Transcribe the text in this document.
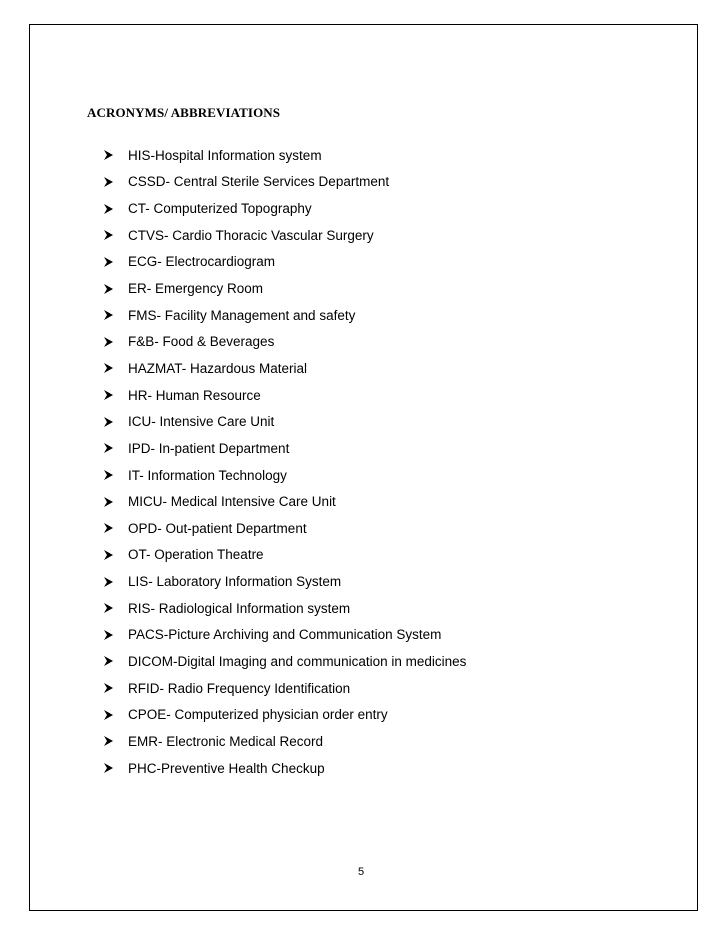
ACRONYMS/ ABBREVIATIONS
HIS-Hospital Information system
CSSD- Central Sterile Services Department
CT- Computerized Topography
CTVS- Cardio Thoracic Vascular Surgery
ECG- Electrocardiogram
ER- Emergency Room
FMS- Facility Management and safety
F&B- Food & Beverages
HAZMAT- Hazardous Material
HR- Human Resource
ICU- Intensive Care Unit
IPD- In-patient Department
IT- Information Technology
MICU- Medical Intensive Care Unit
OPD- Out-patient Department
OT- Operation Theatre
LIS- Laboratory Information System
RIS- Radiological Information system
PACS-Picture Archiving and Communication System
DICOM-Digital Imaging and communication in medicines
RFID- Radio Frequency Identification
CPOE- Computerized physician order entry
EMR- Electronic Medical Record
PHC-Preventive Health Checkup
5
